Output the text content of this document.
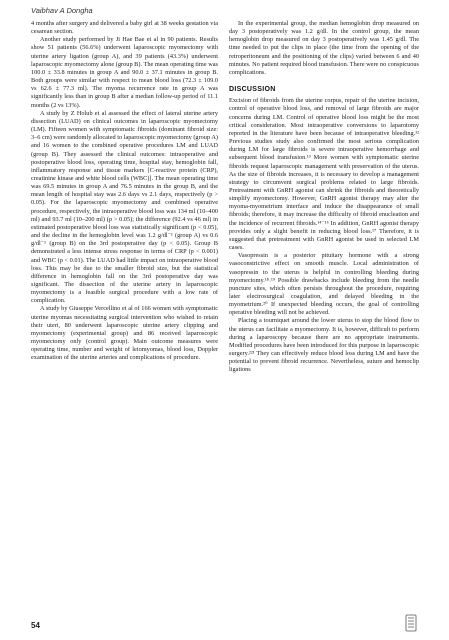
Vaibhav A Dongha

4 months after surgery and delivered a baby girl at 38 weeks gestation via cesarean section.

Another study performed by Ji Hae Bae et al in 90 patients. Results show 51 patients (56.6%) underwent laparoscopic myomectomy with uterine artery ligation (group A), and 39 patients (43.3%) underwent laparoscopic myomectomy alone (group B). The mean operating time was 100.0 ± 33.8 minutes in group A and 90.0 ± 37.1 minutes in group B. Both groups were similar with respect to mean blood loss (72.3 ± 109.0 vs 62.6 ± 77.3 ml). The myoma recurrence rate in group A was significantly less than in group B after a median follow-up period of 11.1 months (2 vs 13%).

A study by Z Holub et al assessed the effect of lateral uterine artery dissection (LUAD) on clinical outcomes in laparoscopic myomectomy (LM). Fifteen women with symptomatic fibroids (dominant fibroid size: 3–6 cm) were randomly allocated to laparoscopic myomectomy (group A) and 16 women to the combined operative procedures LM and LUAD (group B). They assessed the clinical outcomes: intraoperative and postoperative blood loss, operating time, hospital stay, hemoglobin fall, inflammatory response and tissue markers [C-reactive protein (CRP), creatinine kinase and white blood cells (WBC)]. The mean operating time was 69.5 minutes in group A and 76.5 minutes in the group B, and the mean length of hospital stay was 2.6 days vs 2.1 days, respectively (p > 0.05). For the laparoscopic myomectomy and combined operative procedure, respectively, the intraoperative blood loss was 134 ml (10–400 ml) and 93.7 ml (10–200 ml) (p > 0.05); the difference (92.4 vs 46 ml) in estimated postoperative blood loss was statistically significant (p < 0.05), and the decline in the hemoglobin level was 1.2 g/dl⁻¹ (group A) vs 0.6 g/dl⁻¹ (group B) on the 3rd postoperative day (p < 0.05). Group B demonstrated a less intense stress response in terms of CRP (p < 0.001) and WBC (p < 0.01). The LUAD had little impact on intraoperative blood loss. This may be due to the smaller fibroid size, but the statistical difference in hemoglobin fall on the 3rd postoperative day was significant. The dissection of the uterine artery in laparoscopic myomectomy is a feasible surgical procedure with a low rate of complication.

A study by Giuseppe Vercellino et al of 166 women with symptomatic uterine myomas necessitating surgical intervention who wished to retain their uteri, 80 underwent laparoscopic uterine artery clipping and myomectomy (experimental group) and 86 received laparoscopic myomectomy only (control group). Main outcome measures were operating time, number and weight of leiomyomas, blood loss, Doppler examination of the uterine arteries and complications of procedure.

In the experimental group, the median hemoglobin drop measured on day 3 postoperatively was 1.2 g/dl. In the control group, the mean hemoglobin drop measured on day 3 postoperatively was 1.45 g/dl. The time needed to put the clips in place (the time from the opening of the retroperitoneum and the positioning of the clips) varied between 6 and 40 minutes. No patient required blood transfusion. There were no conspicuous complications.

DISCUSSION

Excision of fibroids from the uterine corpus, repair of the uterine incision, control of operative blood loss, and removal of large fibroids are major concerns during LM. Control of operative blood loss might be the most critical consideration. Most intraoperative conversions to laparotomy reported in the literature have been because of intraoperative bleeding.¹² Previous studies study also confirmed the most serious complication during LM for large fibroids is severe intraoperative hemorrhage and subsequent blood transfusion.¹³ More women with symptomatic uterine fibroids request laparoscopic management with preservation of the uterus. As the size of fibroids increases, it is necessary to develop a management strategy to circumvent surgical problems related to large fibroids. Pretreatment with GnRH agonist can shrink the fibroids and theoretically simplify myomectomy. However, GnRH agonist therapy may alter the myoma-myometrium interface and induce the disappearance of small fibroids; therefore, it may increase the difficulty of fibroid enucleation and the incidence of recurrent fibroids.¹⁴⁻¹⁶ In addition, GnRH agonist therapy provides only a slight benefit in reducing blood loss.¹⁷ Therefore, it is suggested that pretreatment with GnRH agonist be used in selected LM cases.

Vasopressin is a posterior pituitary hormone with a strong vasoconstrictive effect on smooth muscle. Local administration of vasopressin to the uterus is helpful in controlling bleeding during myomectomy.¹⁸˒¹⁹ Possible drawbacks include bleeding from the needle puncture sites, which often persists throughout the procedure, requiring later electrosurgical coagulation, and delayed bleeding in the myometrium.²⁰ If unexpected bleeding occurs, the goal of controlling operative bleeding will not be achieved.

Placing a tourniquet around the lower uterus to stop the blood flow to the uterus can facilitate a myomectomy. It is, however, difficult to perform during a laparoscopy because there are no appropriate instruments. Modified procedures have been introduced for this purpose in laparoscopic surgery.²²¹ They can effectively reduce blood loss during LM and have the potential to prevent fibroid recurrence. Nevertheless, suture and hemoclip ligations

54
